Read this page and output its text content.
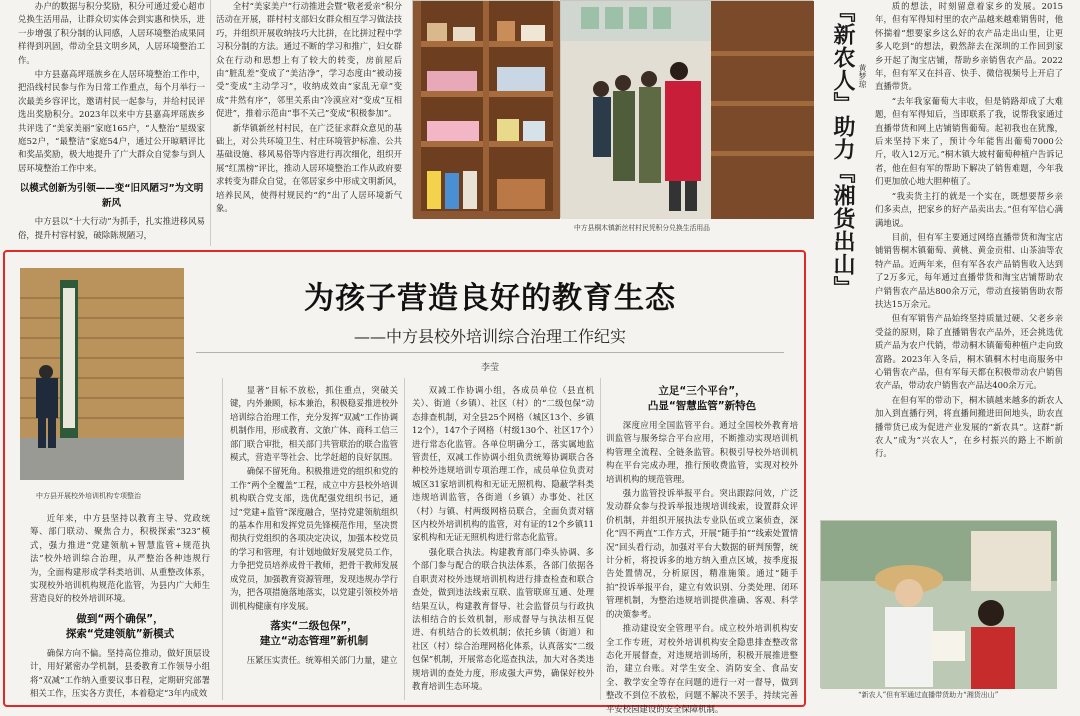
办户的数据与积分奖励，积分可通过爱心超市兑换生活用品，让群众切实体会到实惠和快乐，进一步增强了积分制的认同感，人居环境整治成果同样得到巩固，带动全县文明乡风，人居环境整治工作。
中方县嘉高坪瑶族乡在人居环境整治工作中，把沿线村民参与作为日常工作重点，每个月举行一次最美乡容评比，邀请村民一起参与，并给村民评选出奖励积分。2023年以来中方县嘉高坪瑶族乡共评选了“美家美丽”家庭165户，“人整治”星级家庭52户，“最整洁”家庭54户，通过公开晾晒评比和奖品奖励，极大地提升了广大群众自觉参与到人居环境整治工作中来。
以模式创新为引领——变“旧风陋习”为文明新风
中方县以“十大行动”为抓手，扎实推进移风易俗，提升村容村貌，破除陈规陋习，
全村“美家美户”行动推进会暨“敬老爱亲”积分活动在开展，群村村支部妇女群众相互学习做法技巧，并组织开展收纳技巧大比拼，在比拼过程中学习积分制的方法。通过不断的学习和推广，妇女群众在行动和思想上有了较大的转变，房前屋后由“脏乱差”变成了“美洁净”，学习态度由“被动接受”变成“主动学习”，收纳成效由“家乱无章”变成“井然有序”，邻里关系由“冷漠应对”变成“互相促进”，推着示范由“事不关己”变成“积极参加”。
新华镇新丝村村民，在广泛征求群众意见的基础上，对公共环境卫生、村庄环境管护标准、公共基础设施、移风易俗等内容进行再次细化，组织开展“红黑榜”评比，推动人居环境整治工作从政府要求转变为群众自觉，在邻居家乡中形成文明新风，培养民风，使得村规民约“约”出了人居环境新气象。
中方县桐木镇新丝村村民凭积分兑换生活用品	『新农人』助力『湘货出山』 黄梦琼
质的想法，时刻留意着家乡的发展。2015年，但有军得知村里的农产品越来越难销售时，他怀揣着“想要家乡这么好的农产品走出山里，让更多人吃到”的想法，毅然辞去在深圳的工作回到家乡开起了淘宝店铺，帮助乡亲销售农产品。2022年，但有军又在抖音、快手、微信视频号上开启了直播带货。
“去年我家葡萄大丰收，但是销路却成了大难题，但有军得知后，当即联系了我，说帮我家通过直播带货和网上店铺销售葡萄。起初我也在犹豫，后来坚持下来了，预计今年能售出葡萄7000公斤，收入12万元。”桐木镇大坡村葡萄种植户告诉记者，他在但有军的帮助下解决了销售难题，今年我们更加放心地大胆种植了。
“我卖货主打的就是一个实在，既想要帮乡亲们多卖点，把家乡的好产品卖出去。”但有军信心满满地说。
目前，但有军主要通过网络直播带货和淘宝店铺销售桐木镇葡萄、黄桃、黄金贡柑、山茶油等农特产品。近两年来，但有军各农产品销售收入达到了2万多元，每年通过直播带货和淘宝店铺帮助农户销售农产品达800余万元，带动直接销售助农帮扶达15万余元。
但有军销售产品始终坚持质量过硬、父老乡亲受益的原则，除了直播销售农产品外，还会挑选优质产品为农户代销，带动桐木镇葡萄种植户走向致富路。2023年入冬后，桐木镇桐木村电商服务中心销售农产品，但有军每天都在积极带动农户销售农产品，带动农户销售农产品达400余万元。
在但有军的带动下，桐木镇越来越多的新农人加入到直播行列，将直播间搬进田间地头，助农直播带货已成为促进产业发展的“新农具”。这群“新农人”成为“兴农人”，在乡村振兴的路上不断前行。
“新农人”但有军通过直播带货助力“湘货出山”
中方县开展校外培训机构专项整治
为孩子营造良好的教育生态
——中方县校外培训综合治理工作纪实
李莹
近年来，中方县坚持以教育主导、党政统筹、部门联动、聚焦合力，积极探索“323”模式，强力推进“党建领航+智慧监管+规范执法”校外培训综合治理，从严整治各种违规行为，全面构建形成学科类培训、从重整改体系，实现校外培训机构规范化监管，为县内广大师生营造良好的校外培训环境。
做到“两个确保”，
探索“党建领航”新模式
确保方向不偏。坚持高位推动，做好顶层设计，用好紧密办学机制，县委教育工作领导小组将“双减”工作纳入重要议事日程，定期研究部署相关工作，压实各方责任，本着稳定“3年内成效
显著”目标不放松，抓住重点，突破关键，内外兼顾，标本兼治，积极稳妥推进校外培训综合治理工作，充分发挥“双减”工作协调机制作用，形成教育、文旅广体、商科工信三部门联合审批，相关部门共管联治的联合监管模式，营造平等社会、比学赶超的良好氛围。
确保不留死角。积极推进党的组织和党的工作“两个全覆盖”工程，成立中方县校外培训机构联合党支部，选优配强党组织书记，通过“党建+监管”深度融合，坚持党建领航组织的基本作用和发挥党员先锋模范作用，坚决贯彻执行党组织的各项决定决议，加强本校党员的学习和管理，有计划地做好发展党员工作，力争把党员培养成骨干教师，把骨干教师发展成党员，加强教育资源管理，发现违规办学行为，把各项措施落地落实，以党建引领校外培训机构健康有序发展。
落实“二级包保”，
建立“动态管理”新机制
压紧压实责任。统筹相关部门力量，建立
双减工作协调小组，各成员单位（县直机关）、街道（乡镇）、社区（村）的“二级包保”动态排查机制，对全县25个网格（城区13个、乡镇12个），147个子网格（村级130个、社区17个）进行常态化监管。各单位明确分工，落实属地监管责任，双减工作协调小组负责统筹协调联合各种校外违规培训专项治理工作，成员单位负责对城区31家培训机构和无证无照机构、隐蔽学科类违规培训监管，各街道（乡镇）办事处、社区（村）与镇、村两级网格员联合，全面负责对辖区内校外培训机构的监管，对有证的12个乡镇11家机构和无证无照机构进行常态化监管。
强化联合执法。构建教育部门牵头协调、多个部门参与配合的联合执法体系，各部门依据各自职责对校外违规培训机构进行排查检查和联合查处，做到违法线索互联、监管联席互通、处理结果互认，构建教育督导、社会监督员与行政执法相结合的长效机制，形成督导与执法相互促进、有机结合的长效机制；依托乡镇（街道）和社区（村）综合治理网格化体系，认真落实“二级包保”机制，开展常态化巡查执法，加大对各类违规培训的查处力度，形成强大声势，确保好校外教育培训生态环境。
立足“三个平台”，
凸显“智慧监管”新特色
深度应用全国监管平台。通过全国校外教育培训监管与服务综合平台应用，不断推动实现培训机构管理全流程、全链条监管。积极引导校外培训机构在平台完成办理，推行预收费监管，实现对校外培训机构的规范管理。
强力监管投诉举报平台。突出跟踪问效，广泛发动群众参与投诉举报违规培训线索，设置群众评价机制，并组织开展执法专业队伍或立案侦查，深化“四不两直”工作方式，开展“随手拍”“线索处置情况”回头看行动，加强对平台大数据的研判预警，统计分析，将投诉多的地方纳入重点区域，按季度报告处置情况，分析原因，精准施策。通过“随手拍”投诉举报平台，建立有效识别、分类处理、闭环管理机制，为整治违规培训提供准确、客观、科学的决策参考。
推动建设安全管理平台。成立校外培训机构安全工作专班，对校外培训机构安全隐患排查整改常态化开展督查，对违规培训场所，积极开展推进整治，建立台账。对学生安全、消防安全、食品安全、教学安全等存在问题的进行一对一督导，做到整改不到位不放松，问题不解决不罢手，持续完善平安校园建设的安全保障机制。
